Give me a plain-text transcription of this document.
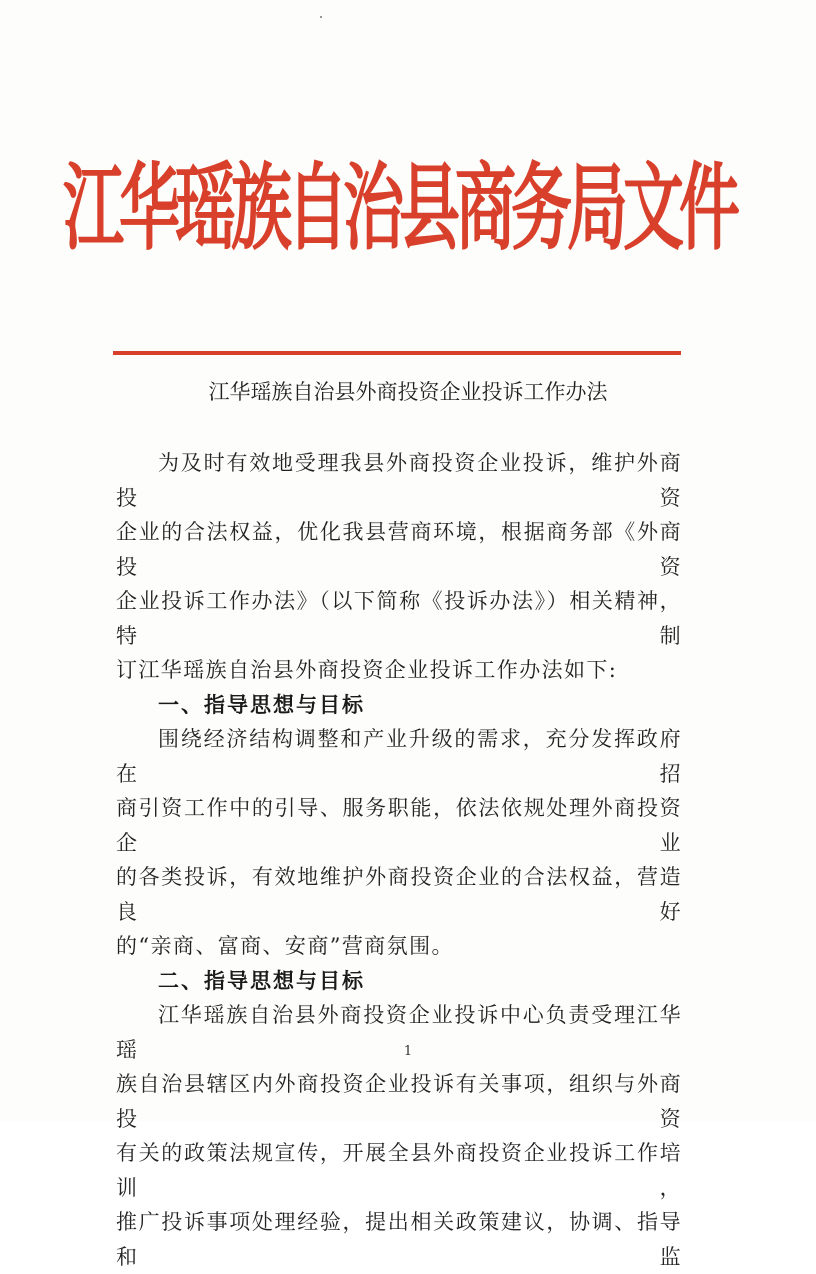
江华瑶族自治县商务局文件
江华瑶族自治县外商投资企业投诉工作办法

为及时有效地受理我县外商投资企业投诉，维护外商投资
企业的合法权益，优化我县营商环境，根据商务部《外商投资
企业投诉工作办法》（以下简称《投诉办法》）相关精神，特制
订江华瑶族自治县外商投资企业投诉工作办法如下:

一、指导思想与目标

围绕经济结构调整和产业升级的需求，充分发挥政府在招
商引资工作中的引导、服务职能，依法依规处理外商投资企业
的各类投诉，有效地维护外商投资企业的合法权益，营造良好
的“亲商、富商、安商”营商氛围。

二、指导思想与目标

江华瑶族自治县外商投资企业投诉中心负责受理江华瑶
族自治县辖区内外商投资企业投诉有关事项，组织与外商投资
有关的政策法规宣传，开展全县外商投资企业投诉工作培训，
推广投诉事项处理经验，提出相关政策建议，协调、指导和监

1
